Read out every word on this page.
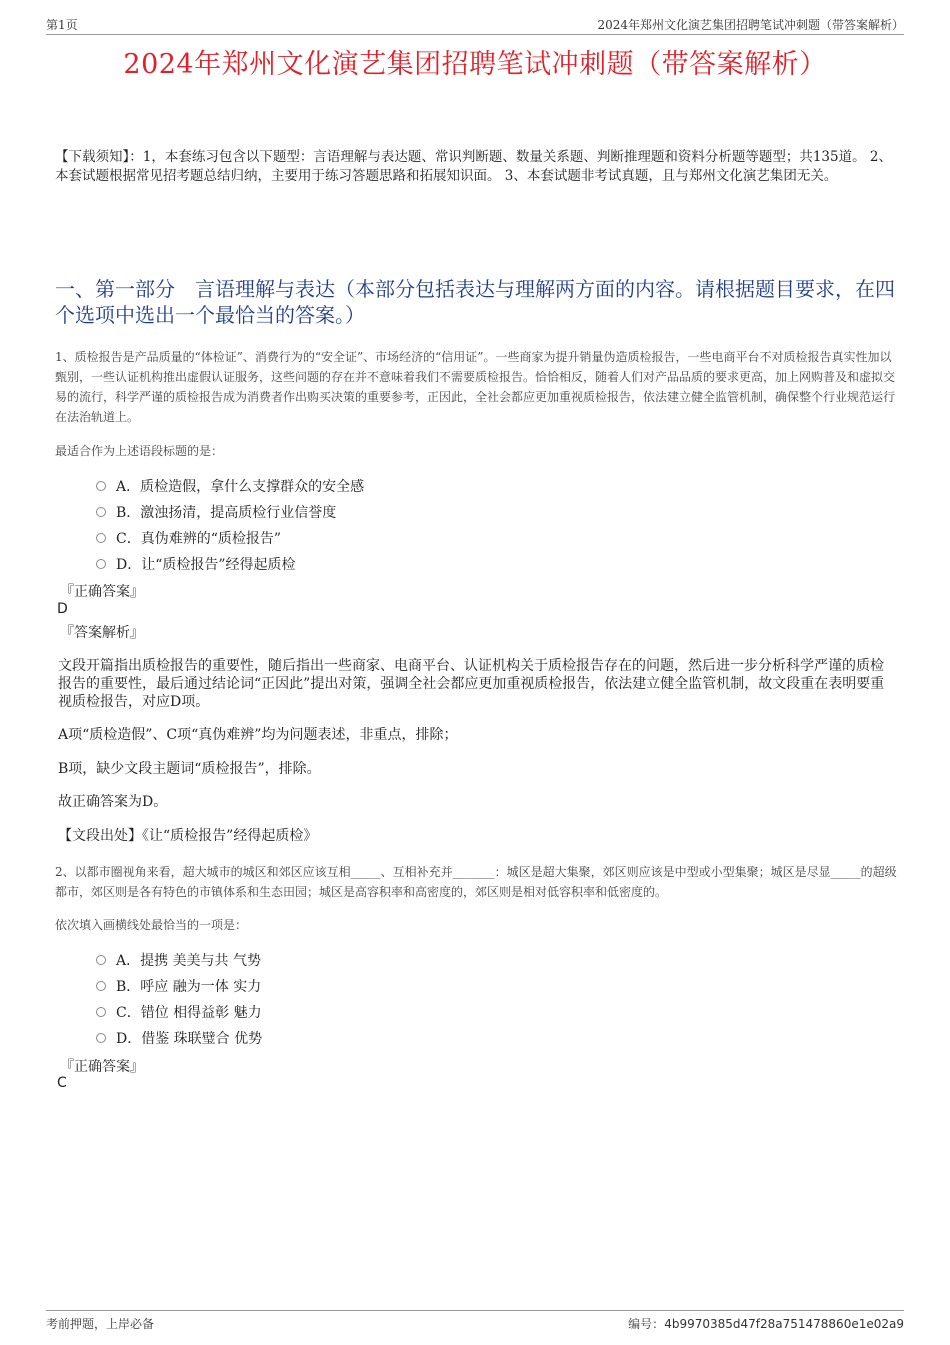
第1页	2024年郑州文化演艺集团招聘笔试冲刺题（带答案解析）
2024年郑州文化演艺集团招聘笔试冲刺题（带答案解析）
【下载须知】：1，本套练习包含以下题型：言语理解与表达题、常识判断题、数量关系题、判断推理题和资料分析题等题型；共135道。 2、本套试题根据常见招考题总结归纳，主要用于练习答题思路和拓展知识面。 3、本套试题非考试真题，且与郑州文化演艺集团无关。
一、第一部分　言语理解与表达（本部分包括表达与理解两方面的内容。请根据题目要求，在四个选项中选出一个最恰当的答案。）
1、质检报告是产品质量的“体检证”、消费行为的“安全证”、市场经济的“信用证”。一些商家为提升销量伪造质检报告，一些电商平台不对质检报告真实性加以甄别，一些认证机构推出虚假认证服务，这些问题的存在并不意味着我们不需要质检报告。恰恰相反，随着人们对产品品质的要求更高，加上网购普及和虚拟交易的流行，科学严谨的质检报告成为消费者作出购买决策的重要参考，正因此，全社会都应更加重视质检报告，依法建立健全监管机制，确保整个行业规范运行在法治轨道上。
最适合作为上述语段标题的是：
A．质检造假，拿什么支撑群众的安全感
B．激浊扬清，提高质检行业信誉度
C．真伪难辨的“质检报告”
D．让“质检报告”经得起质检
『正确答案』
D
『答案解析』
文段开篇指出质检报告的重要性，随后指出一些商家、电商平台、认证机构关于质检报告存在的问题，然后进一步分析科学严谨的质检报告的重要性，最后通过结论词“正因此”提出对策，强调全社会都应更加重视质检报告，依法建立健全监管机制，故文段重在表明要重视质检报告，对应D项。
A项“质检造假”、C项“真伪难辨”均为问题表述，非重点，排除；
B项，缺少文段主题词“质检报告”，排除。
故正确答案为D。
【文段出处】《让“质检报告”经得起质检》
2、以都市圈视角来看，超大城市的城区和郊区应该互相_____、互相补充并_______：城区是超大集聚，郊区则应该是中型或小型集聚；城区是尽显_____的超级都市，郊区则是各有特色的市镇体系和生态田园；城区是高容积率和高密度的，郊区则是相对低容积率和低密度的。
依次填入画横线处最恰当的一项是：
A．提携 美美与共 气势
B．呼应 融为一体 实力
C．错位 相得益彰 魅力
D．借鉴 珠联璧合 优势
『正确答案』
C
考前押题，上岸必备	编号：4b9970385d47f28a751478860e1e02a9
